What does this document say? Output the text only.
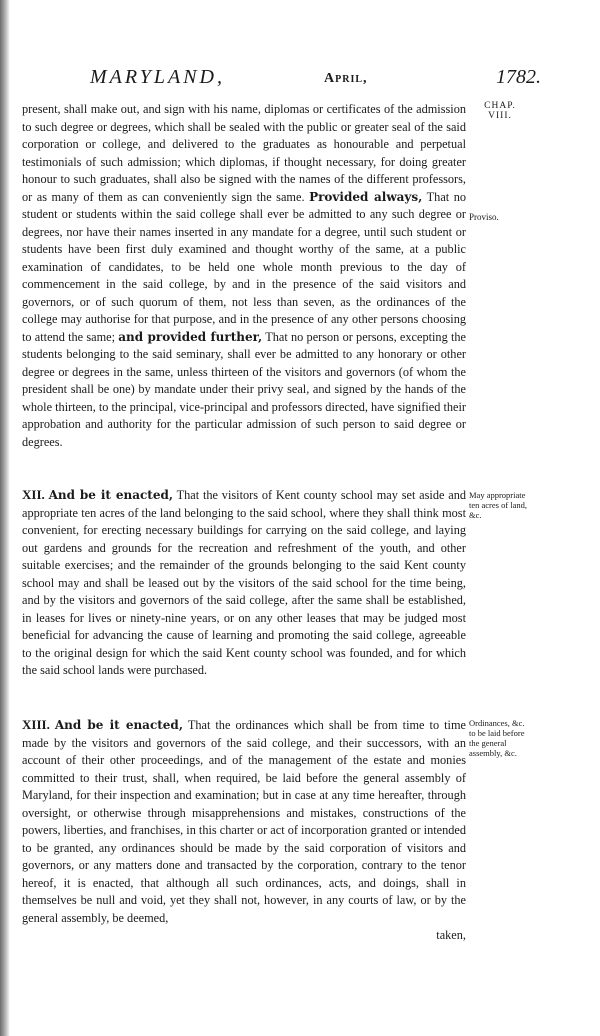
MARYLAND,	April,	1782.
CHAP.
VIII.
Proviso.
May appropriate ten acres of land, &c.
Ordinances, &c. to be laid before the general assembly, &c.

present, shall make out, and sign with his name, diplomas or certificates of the admission to such degree or degrees, which shall be sealed with the public or greater seal of the said corporation or college, and delivered to the graduates as honourable and perpetual testimonials of such admission; which diplomas, if thought necessary, for doing greater honour to such graduates, shall also be signed with the names of the different professors, or as many of them as can conveniently sign the same. Provided always, That no student or students within the said college shall ever be admitted to any such degree or degrees, nor have their names inserted in any mandate for a degree, until such student or students have been first duly examined and thought worthy of the same, at a public examination of candidates, to be held one whole month previous to the day of commencement in the said college, by and in the presence of the said visitors and governors, or of such quorum of them, not less than seven, as the ordinances of the college may authorise for that purpose, and in the presence of any other persons choosing to attend the same; and provided further, That no person or persons, excepting the students belonging to the said seminary, shall ever be admitted to any honorary or other degree or degrees in the same, unless thirteen of the visitors and governors (of whom the president shall be one) by mandate under their privy seal, and signed by the hands of the whole thirteen, to the principal, vice-principal and professors directed, have signified their approbation and authority for the particular admission of such person to said degree or degrees.

XII. And be it enacted, That the visitors of Kent county school may set aside and appropriate ten acres of the land belonging to the said school, where they shall think most convenient, for erecting necessary buildings for carrying on the said college, and laying out gardens and grounds for the recreation and refreshment of the youth, and other suitable exercises; and the remainder of the grounds belonging to the said Kent county school may and shall be leased out by the visitors of the said school for the time being, and by the visitors and governors of the said college, after the same shall be established, in leases for lives or ninety-nine years, or on any other leases that may be judged most beneficial for advancing the cause of learning and promoting the said college, agreeable to the original design for which the said Kent county school was founded, and for which the said school lands were purchased.

XIII. And be it enacted, That the ordinances which shall be from time to time made by the visitors and governors of the said college, and their successors, with an account of their other proceedings, and of the management of the estate and monies committed to their trust, shall, when required, be laid before the general assembly of Maryland, for their inspection and examination; but in case at any time hereafter, through oversight, or otherwise through misapprehensions and mistakes, constructions of the powers, liberties, and franchises, in this charter or act of incorporation granted or intended to be granted, any ordinances should be made by the said corporation of visitors and governors, or any matters done and transacted by the corporation, contrary to the tenor hereof, it is enacted, that although all such ordinances, acts, and doings, shall in themselves be null and void, yet they shall not, however, in any courts of law, or by the general assembly, be deemed,

taken,
